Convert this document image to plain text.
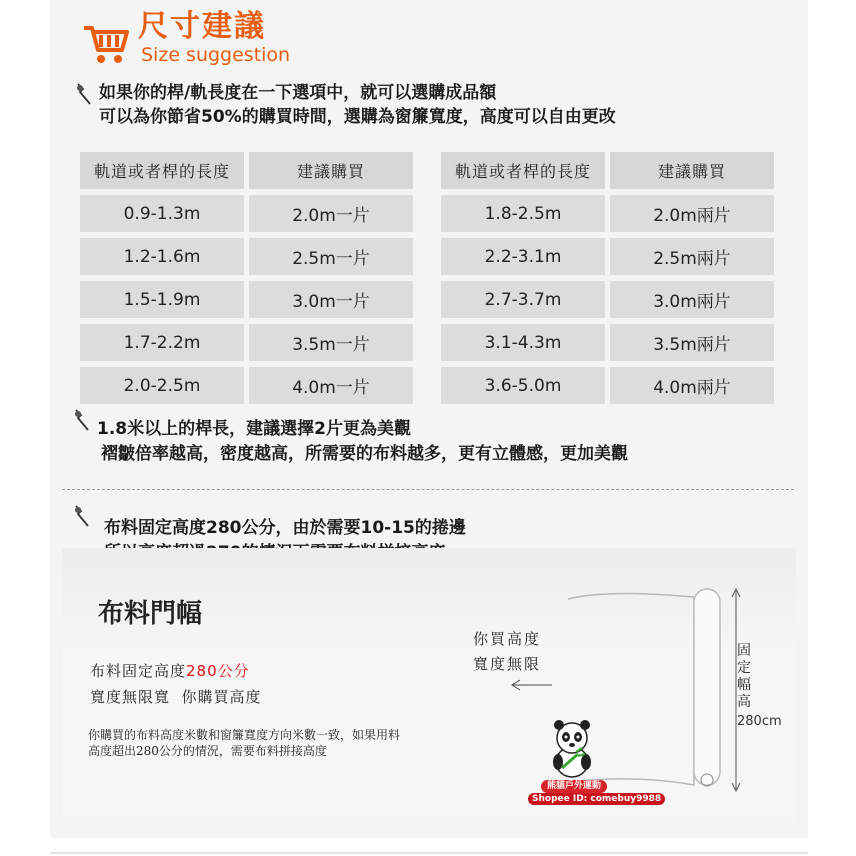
尺寸建議
Size suggestion
如果你的桿/軌長度在一下選項中，就可以選購成品額
可以為你節省50%的購買時間，選購為窗簾寬度，高度可以自由更改
軌道或者桿的長度	建議購買
0.9-1.3m	2.0m一片
1.2-1.6m	2.5m一片
1.5-1.9m	3.0m一片
1.7-2.2m	3.5m一片
2.0-2.5m	4.0m一片
軌道或者桿的長度	建議購買
1.8-2.5m	2.0m兩片
2.2-3.1m	2.5m兩片
2.7-3.7m	3.0m兩片
3.1-4.3m	3.5m兩片
3.6-5.0m	4.0m兩片
1.8米以上的桿長，建議選擇2片更為美觀
褶皺倍率越高，密度越高，所需要的布料越多，更有立體感，更加美觀
布料固定高度280公分，由於需要10-15的捲邊
布料門幅
你買高度
寬度無限
固
定
幅
高
280cm
布料固定高度280公分
寬度無限寬  你購買高度
你購買的布料高度米數和窗簾寬度方向米數一致，如果用料
高度超出280公分的情況，需要布料拼接高度
熊貓戶外運動
Shopee ID: comebuy9988
